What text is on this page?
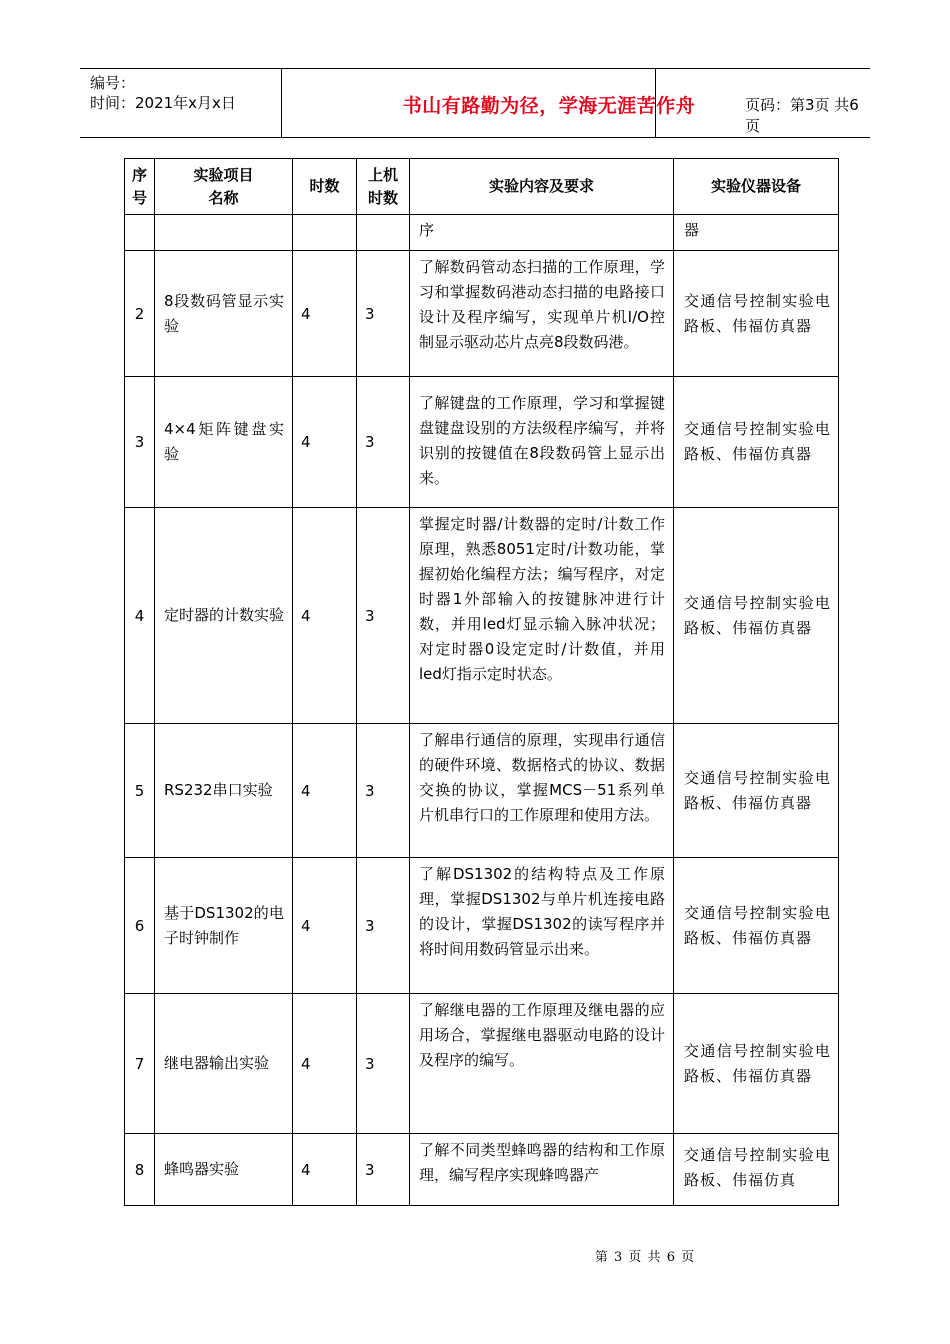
编号：
时间：2021年x月x日	书山有路勤为径，学海无涯苦作舟	页码：第3页 共6页
序号	实验项目名称	时数	上机时数	实验内容及要求	实验仪器设备
				序	器
2	8段数码管显示实验	4	3	了解数码管动态扫描的工作原理，学习和掌握数码港动态扫描的电路接口设计及程序编写，实现单片机I/O控制显示驱动芯片点亮8段数码港。	交通信号控制实验电路板、伟福仿真器
3	4×4矩阵键盘实验	4	3	了解键盘的工作原理，学习和掌握键盘键盘设别的方法级程序编写，并将识别的按键值在8段数码管上显示出来。	交通信号控制实验电路板、伟福仿真器
4	定时器的计数实验	4	3	掌握定时器/计数器的定时/计数工作原理，熟悉8051定时/计数功能，掌握初始化编程方法；编写程序，对定时器1外部输入的按键脉冲进行计数，并用led灯显示输入脉冲状况；对定时器0设定定时/计数值，并用led灯指示定时状态。	交通信号控制实验电路板、伟福仿真器
5	RS232串口实验	4	3	了解串行通信的原理，实现串行通信的硬件环境、数据格式的协议、数据交换的协议，掌握MCS－51系列单片机串行口的工作原理和使用方法。	交通信号控制实验电路板、伟福仿真器
6	基于DS1302的电子时钟制作	4	3	了解DS1302的结构特点及工作原理，掌握DS1302与单片机连接电路的设计，掌握DS1302的读写程序并将时间用数码管显示出来。	交通信号控制实验电路板、伟福仿真器
7	继电器输出实验	4	3	了解继电器的工作原理及继电器的应用场合，掌握继电器驱动电路的设计及程序的编写。	交通信号控制实验电路板、伟福仿真器
8	蜂鸣器实验	4	3	了解不同类型蜂鸣器的结构和工作原理，编写程序实现蜂鸣器产	交通信号控制实验电路板、伟福仿真
第 3 页 共 6 页
